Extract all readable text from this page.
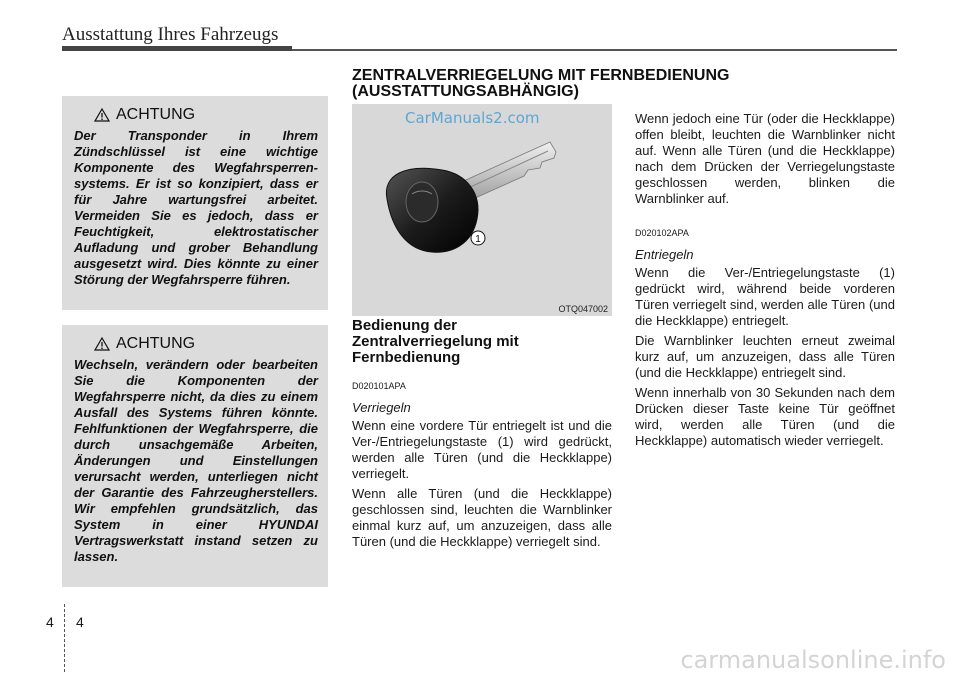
Ausstattung Ihres Fahrzeugs
ACHTUNG
Der Transponder in Ihrem Zündschlüssel ist eine wichtige Komponente des Wegfahrsperren-systems. Er ist so konzipiert, dass er für Jahre wartungsfrei arbeitet. Vermeiden Sie es jedoch, dass er Feuchtigkeit, elektrostatischer Aufladung und grober Behandlung ausgesetzt wird. Dies könnte zu einer Störung der Wegfahrsperre führen.
ACHTUNG
Wechseln, verändern oder bearbeiten Sie die Komponenten der Wegfahrsperre nicht, da dies zu einem Ausfall des Systems führen könnte. Fehlfunktionen der Wegfahrsperre, die durch unsachgemäße Arbeiten, Änderungen und Einstellungen verursacht werden, unterliegen nicht der Garantie des Fahrzeugherstellers. Wir empfehlen grundsätzlich, das System in einer HYUNDAI Vertragswerkstatt instand setzen zu lassen.
ZENTRALVERRIEGELUNG MIT FERNBEDIENUNG
(AUSSTATTUNGSABHÄNGIG)
1
OTQ047002
CarManuals2.com
Bedienung der
Zentralverriegelung mit
Fernbedienung
D020101APA
Verriegeln

Wenn eine vordere Tür entriegelt ist und die Ver-/Entriegelungstaste (1) wird gedrückt, werden alle Türen (und die Heckklappe) verriegelt.

Wenn alle Türen (und die Heckklappe) geschlossen sind, leuchten die Warnblinker einmal kurz auf, um anzuzeigen, dass alle Türen (und die Heckklappe) verriegelt sind.

Wenn jedoch eine Tür (oder die Heckklappe) offen bleibt, leuchten die Warnblinker nicht auf. Wenn alle Türen (und die Heckklappe) nach dem Drücken der Verriegelungstaste geschlossen werden, blinken die Warnblinker auf.

D020102APA
Entriegeln

Wenn die Ver-/Entriegelungstaste (1) gedrückt wird, während beide vorderen Türen verriegelt sind, werden alle Türen (und die Heckklappe) entriegelt.

Die Warnblinker leuchten erneut zweimal kurz auf, um anzuzeigen, dass alle Türen (und die Heckklappe) entriegelt sind.

Wenn innerhalb von 30 Sekunden nach dem Drücken dieser Taste keine Tür geöffnet wird, werden alle Türen (und die Heckklappe) automatisch wieder verriegelt.

4 4
carmanualsonline.info
